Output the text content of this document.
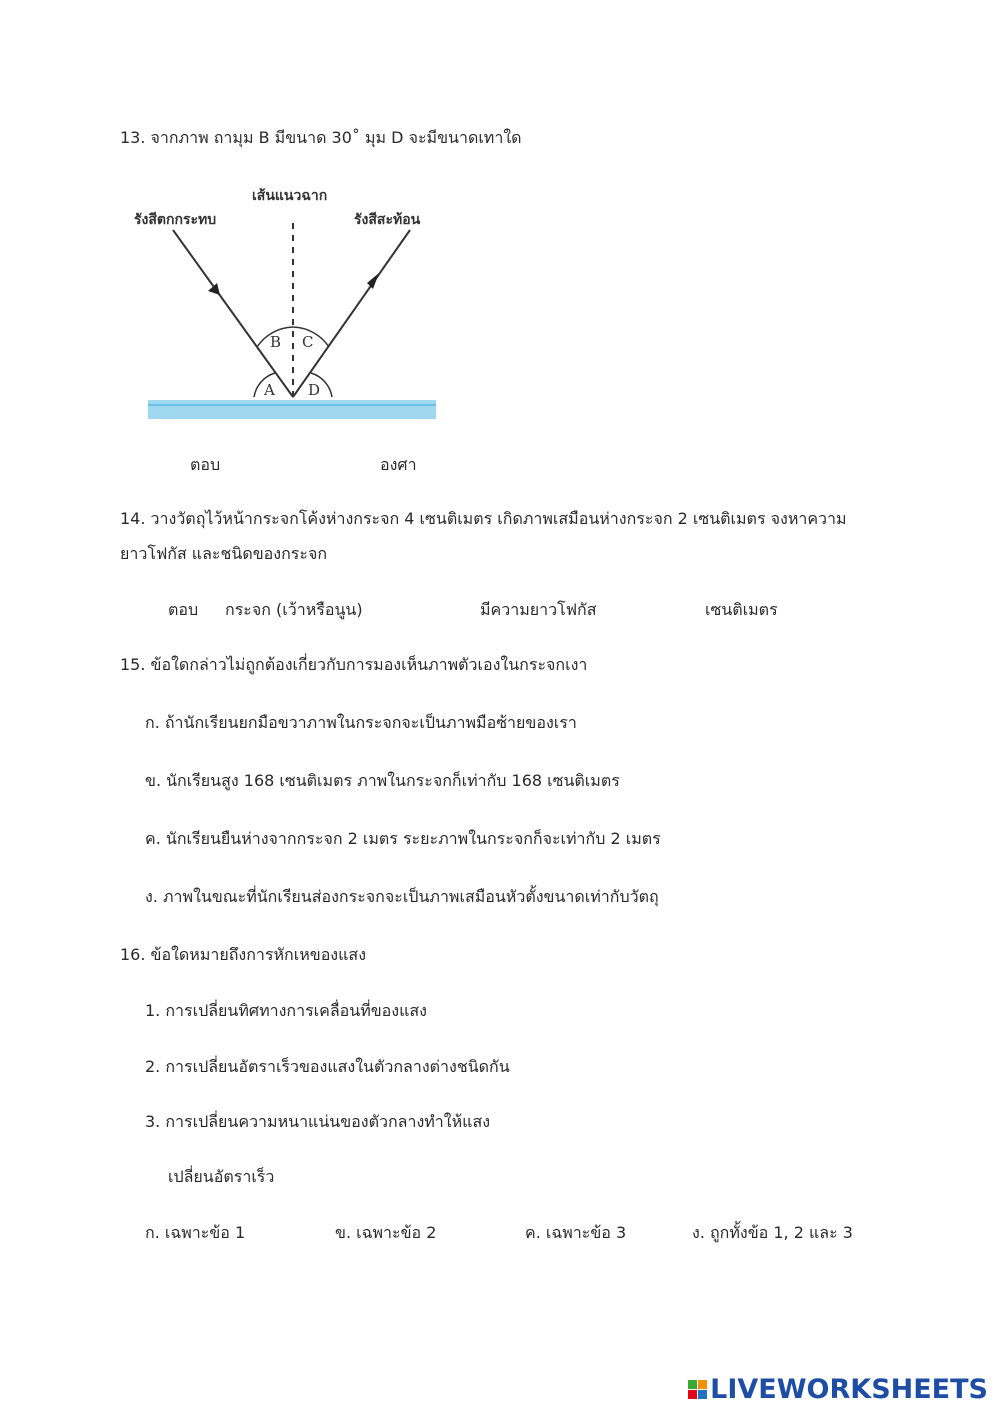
13. จากภาพ ถามุม B มีขนาด 30˚ มุม D จะมีขนาดเทาใด
B C
A D
เส้นแนวฉาก
รังสีตกกระทบ	รังสีสะท้อน
ตอบ	องศา
14. วางวัตถุไว้หน้ากระจกโค้งห่างกระจก 4 เซนติเมตร เกิดภาพเสมือนห่างกระจก 2 เซนติเมตร จงหาความ
ยาวโฟกัส และชนิดของกระจก
ตอบ กระจก (เว้าหรือนูน)	มีความยาวโฟกัส	เซนติเมตร
15. ข้อใดกล่าวไม่ถูกต้องเกี่ยวกับการมองเห็นภาพตัวเองในกระจกเงา
ก. ถ้านักเรียนยกมือขวาภาพในกระจกจะเป็นภาพมือซ้ายของเรา
ข. นักเรียนสูง 168 เซนติเมตร ภาพในกระจกก็เท่ากับ 168 เซนติเมตร
ค. นักเรียนยืนห่างจากกระจก 2 เมตร ระยะภาพในกระจกก็จะเท่ากับ 2 เมตร
ง. ภาพในขณะที่นักเรียนส่องกระจกจะเป็นภาพเสมือนหัวตั้งขนาดเท่ากับวัตถุ
16. ข้อใดหมายถึงการหักเหของแสง
1. การเปลี่ยนทิศทางการเคลื่อนที่ของแสง
2. การเปลี่ยนอัตราเร็วของแสงในตัวกลางต่างชนิดกัน
3. การเปลี่ยนความหนาแน่นของตัวกลางทำให้แสง
เปลี่ยนอัตราเร็ว
ก. เฉพาะข้อ 1	ข. เฉพาะข้อ 2	ค. เฉพาะข้อ 3	ง. ถูกทั้งข้อ 1, 2 และ 3
LIVEWORKSHEETS
